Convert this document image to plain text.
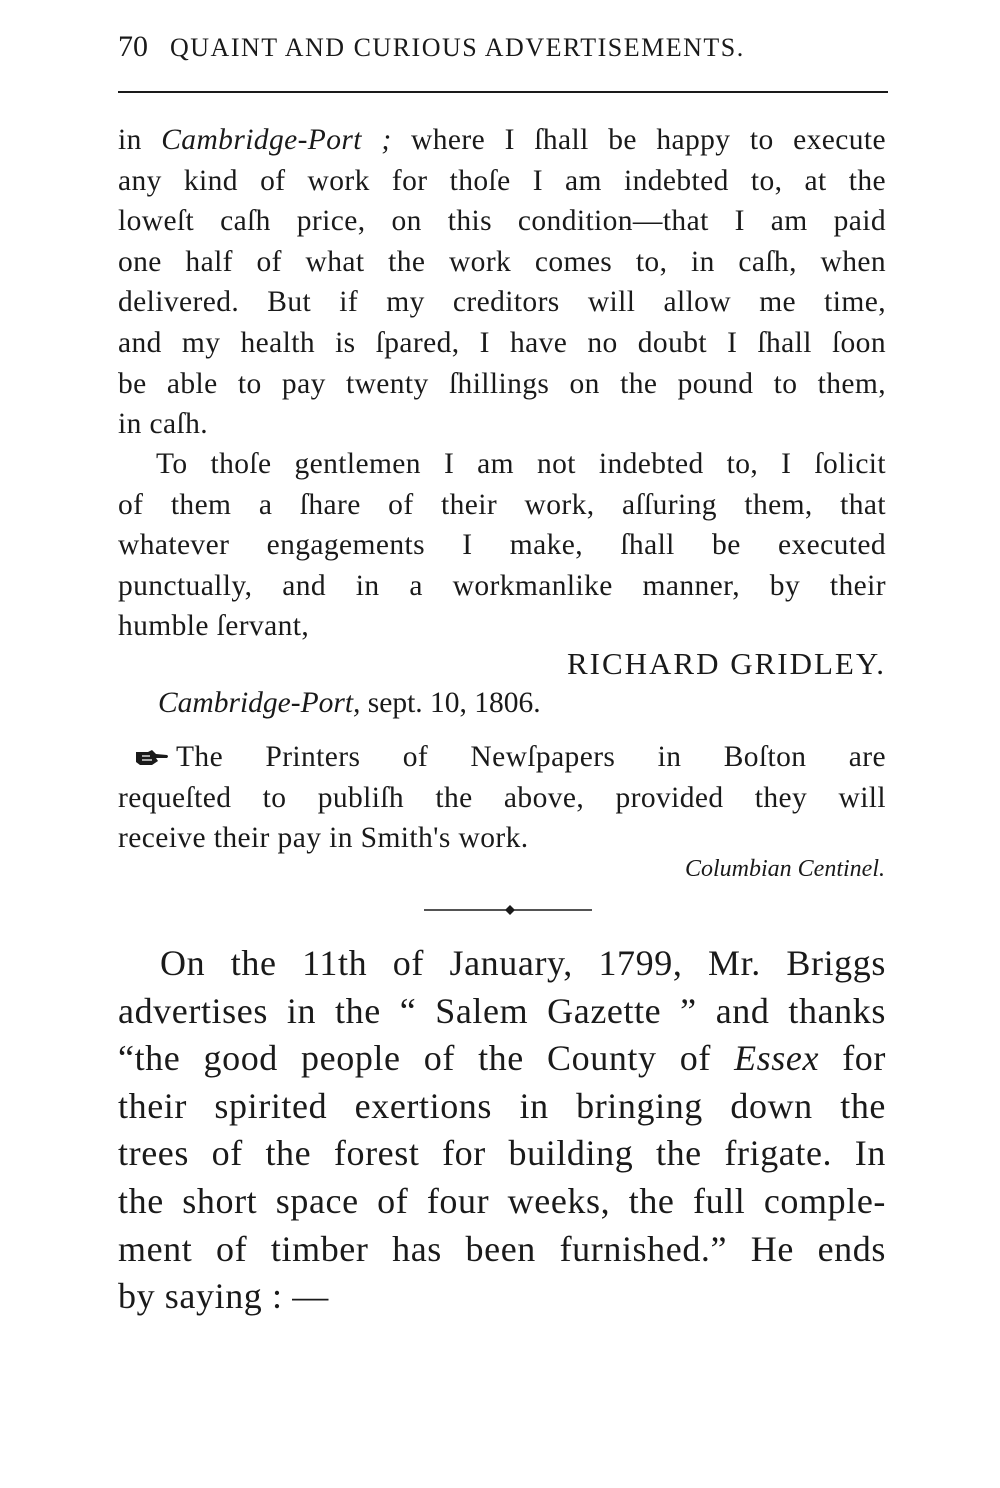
70 QUAINT AND CURIOUS ADVERTISEMENTS.
in Cambridge-Port ; where I ſhall be happy to execute
any kind of work for thoſe I am indebted to, at the
loweſt caſh price, on this condition—that I am paid
one half of what the work comes to, in caſh, when
delivered. But if my creditors will allow me time,
and my health is ſpared, I have no doubt I ſhall ſoon
be able to pay twenty ſhillings on the pound to them,
in caſh.
To thoſe gentlemen I am not indebted to, I ſolicit
of them a ſhare of their work, aſſuring them, that
whatever engagements I make, ſhall be executed
punctually, and in a workmanlike manner, by their
humble ſervant,
RICHARD GRIDLEY.
Cambridge-Port, sept. 10, 1806.
The Printers of Newſpapers in Boſton are
requeſted to publiſh the above, provided they will
receive their pay in Smith's work.
Columbian Centinel.
On the 11th of January, 1799, Mr. Briggs
advertises in the “ Salem Gazette ” and thanks
“the good people of the County of Essex for
their spirited exertions in bringing down the
trees of the forest for building the frigate. In
the short space of four weeks, the full comple-
ment of timber has been furnished.” He ends
by saying : —
